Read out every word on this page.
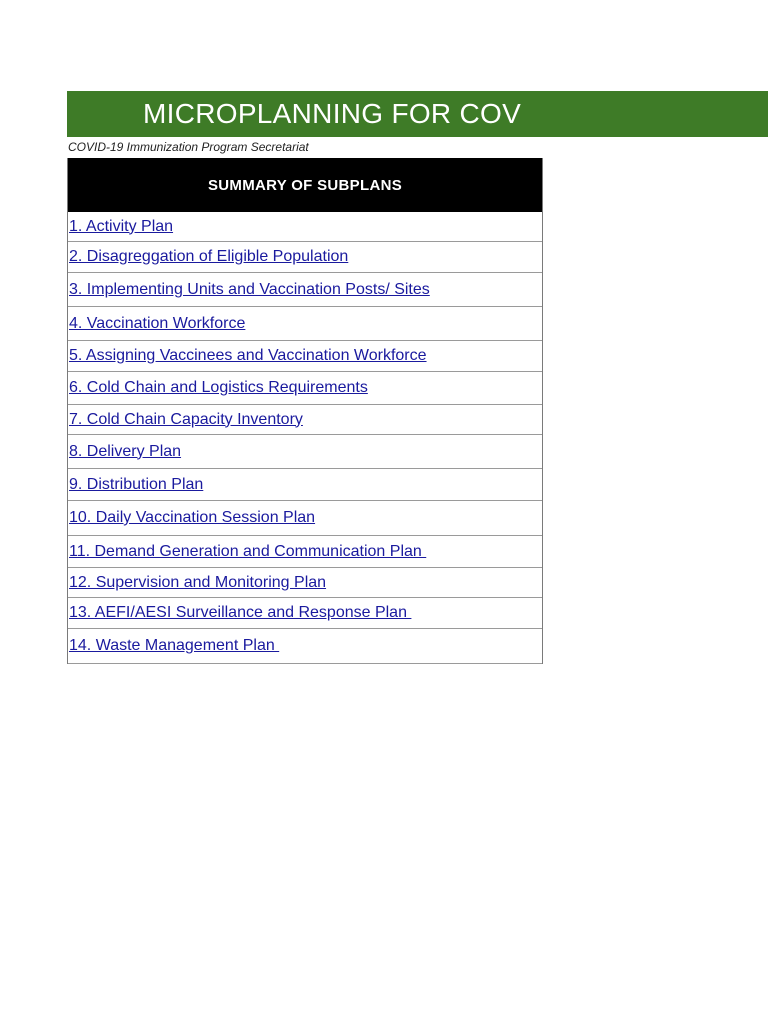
MICROPLANNING FOR COV
COVID-19 Immunization Program Secretariat
SUMMARY OF SUBPLANS
1. Activity Plan
2. Disagreggation of Eligible Population
3. Implementing Units and Vaccination Posts/ Sites
4. Vaccination Workforce
5. Assigning Vaccinees and Vaccination Workforce
6. Cold Chain and Logistics Requirements
7. Cold Chain Capacity Inventory
8. Delivery Plan
9. Distribution Plan
10. Daily Vaccination Session Plan
11. Demand Generation and Communication Plan
12. Supervision and Monitoring Plan
13. AEFI/AESI Surveillance and Response Plan
14. Waste Management Plan
